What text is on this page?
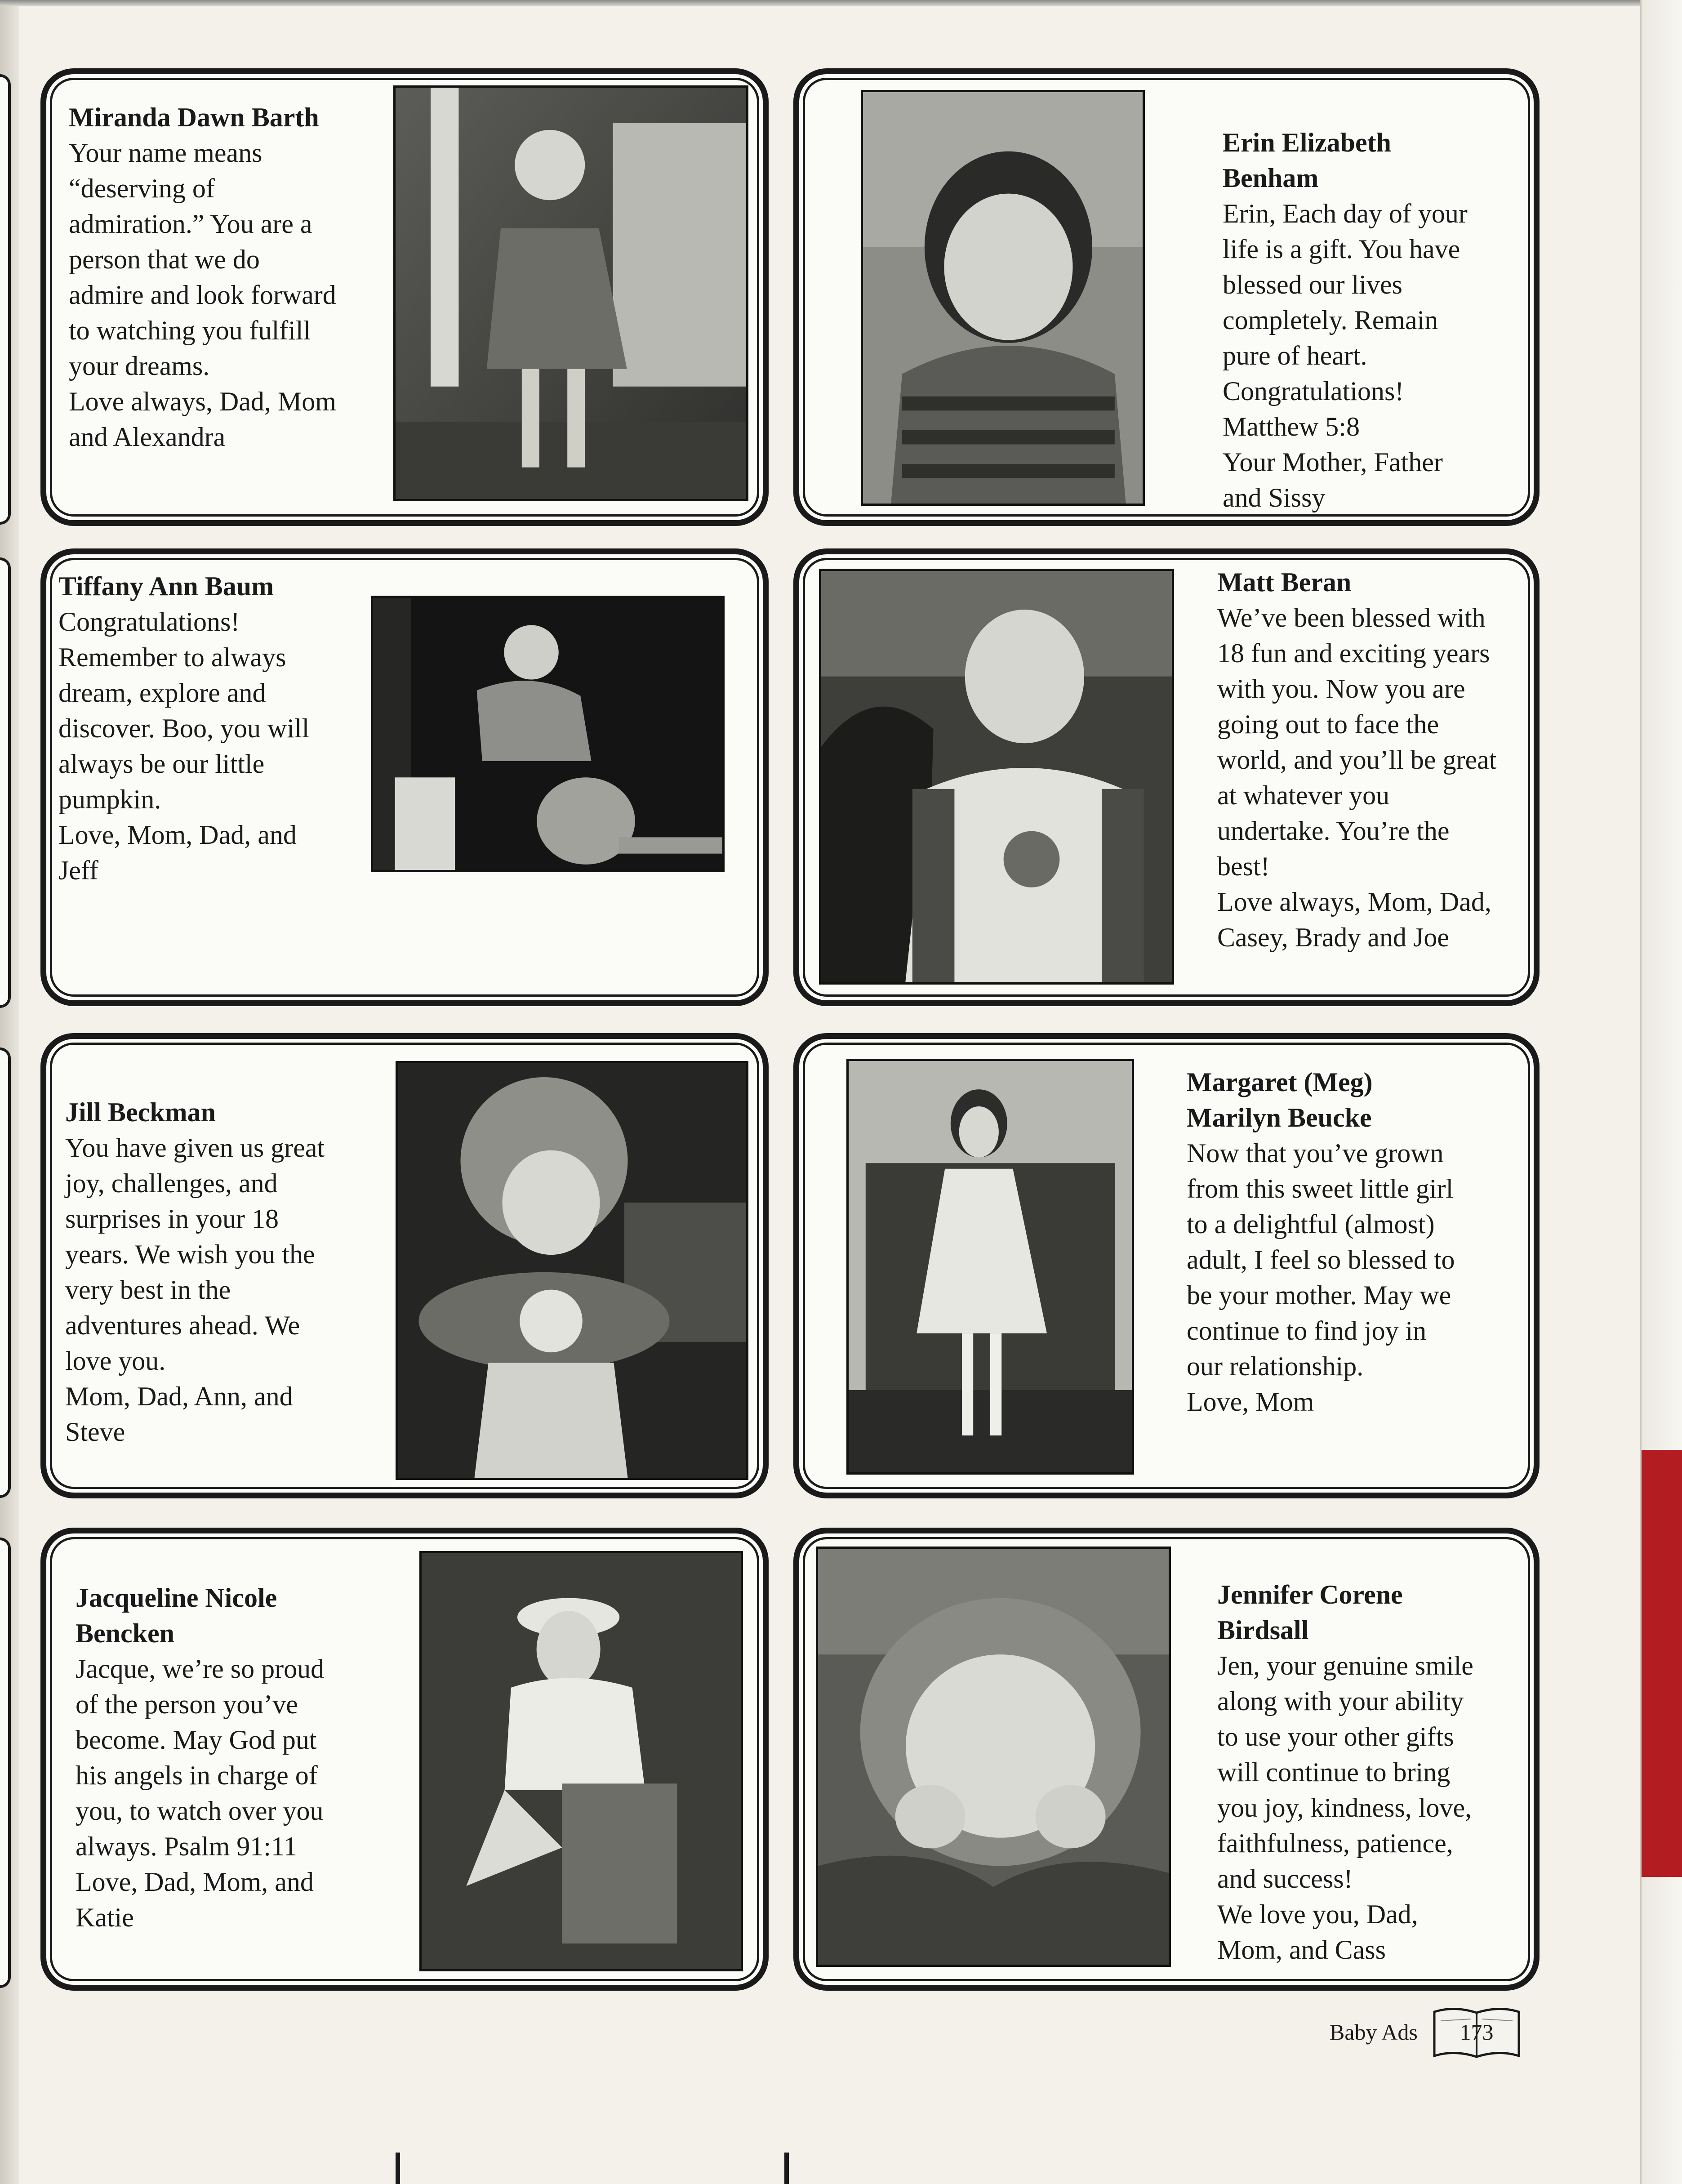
Miranda Dawn Barth
Your name means
“deserving of
admiration.” You are a
person that we do
admire and look forward
to watching you fulfill
your dreams.
Love always, Dad, Mom
and Alexandra
Erin Elizabeth
Benham
Erin, Each day of your
life is a gift. You have
blessed our lives
completely. Remain
pure of heart.
Congratulations!
Matthew 5:8
Your Mother, Father
and Sissy
Tiffany Ann Baum
Congratulations!
Remember to always
dream, explore and
discover. Boo, you will
always be our little
pumpkin.
Love, Mom, Dad, and
Jeff
Matt Beran
We’ve been blessed with
18 fun and exciting years
with you. Now you are
going out to face the
world, and you’ll be great
at whatever you
undertake. You’re the
best!
Love always, Mom, Dad,
Casey, Brady and Joe
Jill Beckman
You have given us great
joy, challenges, and
surprises in your 18
years. We wish you the
very best in the
adventures ahead. We
love you.
Mom, Dad, Ann, and
Steve
Margaret (Meg)
Marilyn Beucke
Now that you’ve grown
from this sweet little girl
to a delightful (almost)
adult, I feel so blessed to
be your mother. May we
continue to find joy in
our relationship.
Love, Mom
Jacqueline Nicole
Bencken
Jacque, we’re so proud
of the person you’ve
become. May God put
his angels in charge of
you, to watch over you
always. Psalm 91:11
Love, Dad, Mom, and
Katie
Jennifer Corene
Birdsall
Jen, your genuine smile
along with your ability
to use your other gifts
will continue to bring
you joy, kindness, love,
faithfulness, patience,
and success!
We love you, Dad,
Mom, and Cass
Baby Ads 173
